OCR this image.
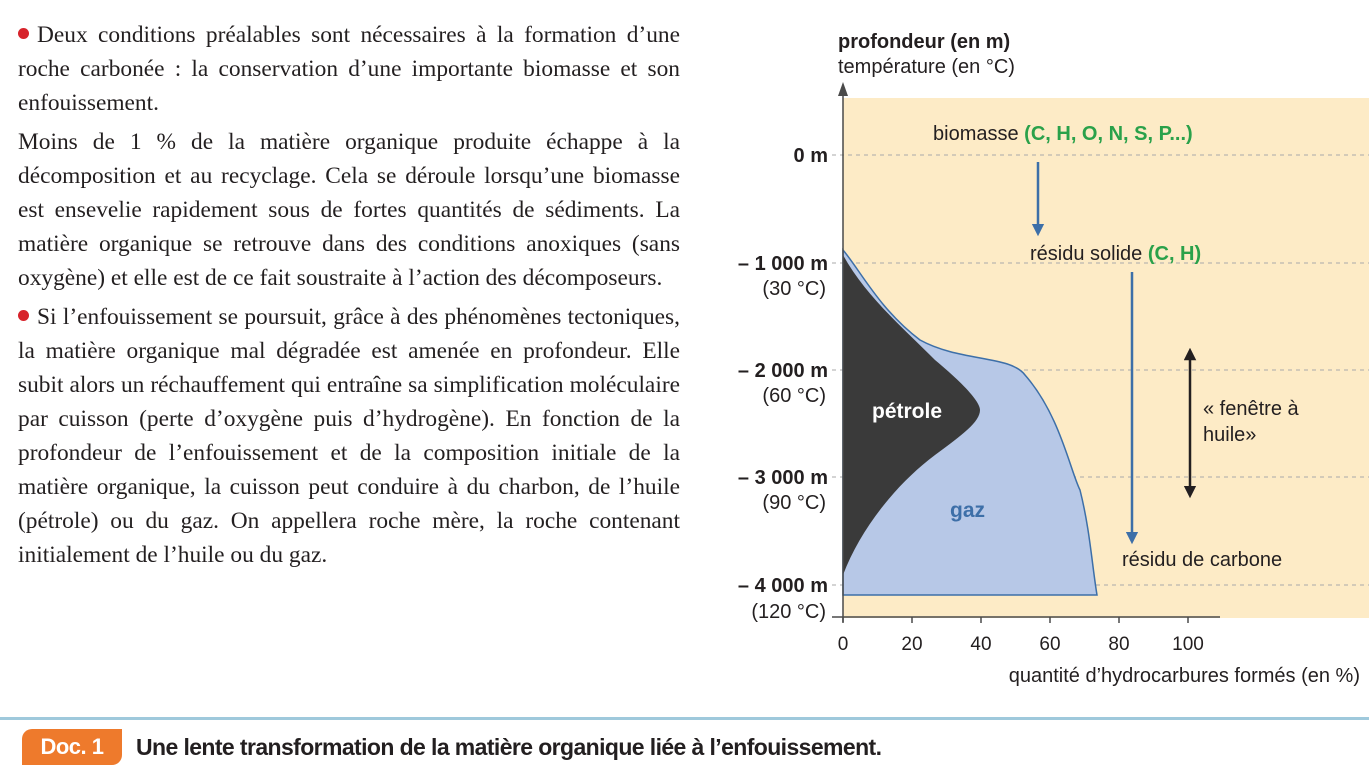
Deux conditions préalables sont nécessaires à la formation d’une roche carbonée : la conservation d’une importante biomasse et son enfouissement.

Moins de 1 % de la matière organique produite échappe à la décomposition et au recyclage. Cela se déroule lorsqu’une biomasse est ensevelie rapidement sous de fortes quantités de sédiments. La matière organique se retrouve dans des conditions anoxiques (sans oxygène) et elle est de ce fait soustraite à l’action des décomposeurs.

Si l’enfouissement se poursuit, grâce à des phénomènes tectoniques, la matière organique mal dégradée est amenée en profondeur. Elle subit alors un réchauffement qui entraîne sa simplification moléculaire par cuisson (perte d’oxygène puis d’hydrogène). En fonction de la profondeur de l’enfouissement et de la composition initiale de la matière organique, la cuisson peut conduire à du charbon, de l’huile (pétrole) ou du gaz. On appellera roche mère, la roche contenant initialement de l’huile ou du gaz.

profondeur (en m)
température (en °C)
0 m
– 1 000 m
– 2 000 m
– 3 000 m
– 4 000 m
(30 °C)
(60 °C)
(90 °C)
(120 °C)
0	20	40	60	80 100
quantité d’hydrocarbures formés (en %)
biomasse (C, H, O, N, S, P...)
résidu solide (C, H)
résidu de carbone
pétrole
gaz
« fenêtre à
huile»
Doc. 1	Une lente transformation de la matière organique liée à l’enfouissement.
